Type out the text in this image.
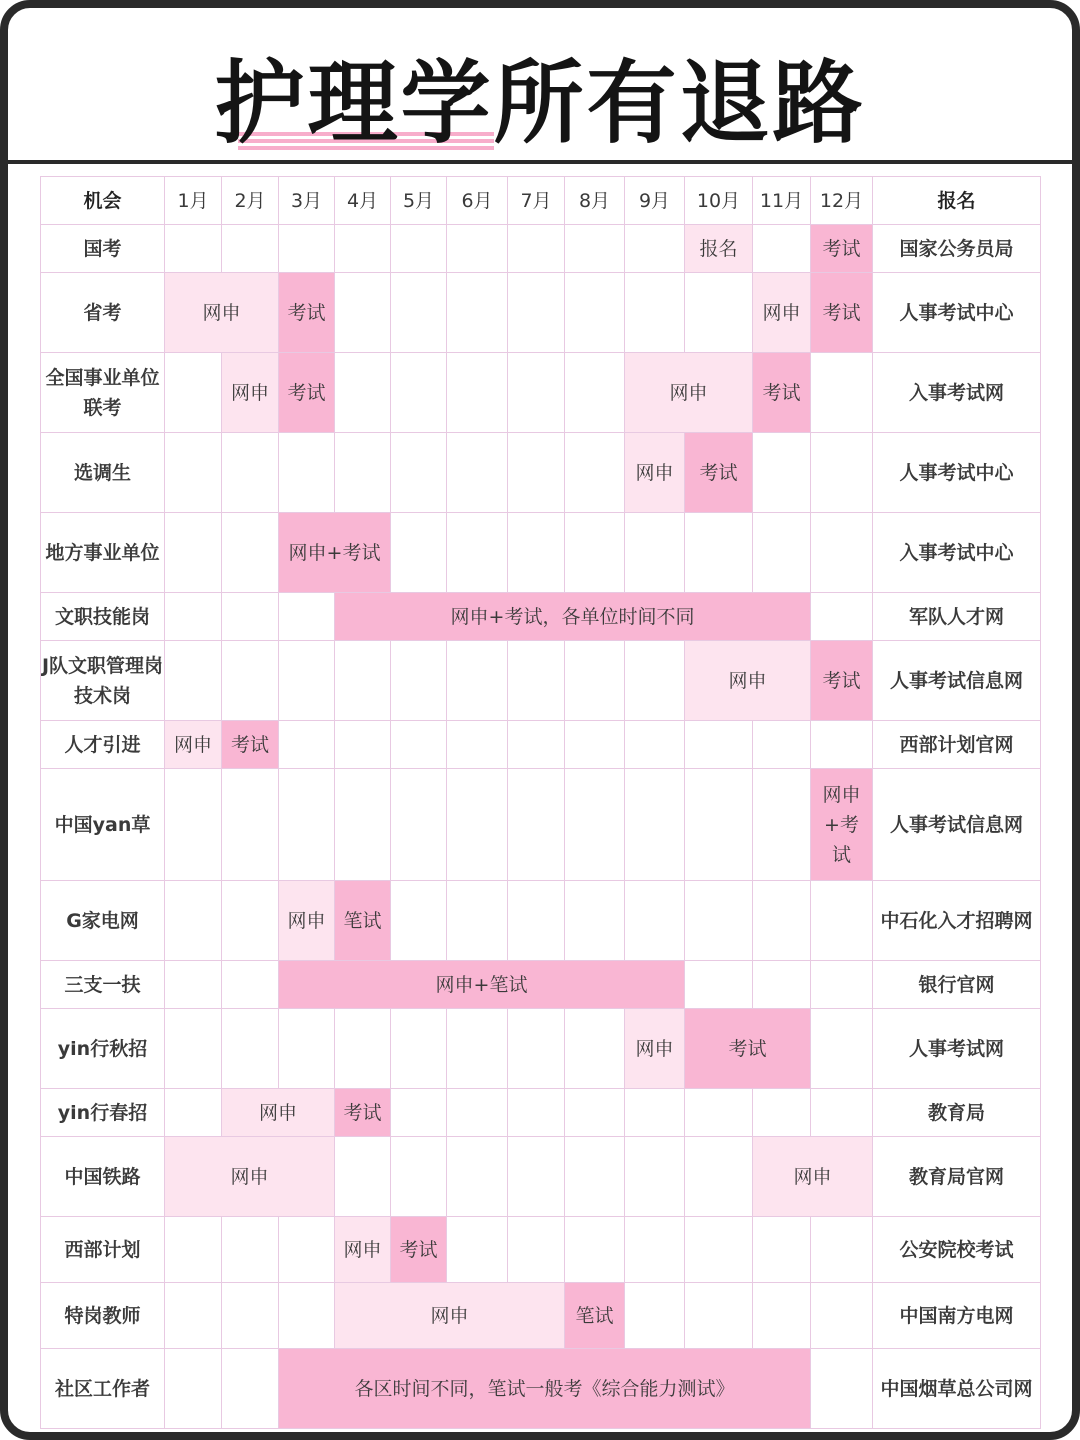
护理学所有退路
机会	1月	2月	3月	4月	5月	6月	7月	8月	9月	10月	11月	12月	报名
国考										报名		考试	国家公务员局
省考	网申		考试								网申	考试	人事考试中心
全国事业单位联考		网申	考试						网申		考试		入事考试网
选调生									网申	考试			人事考试中心
地方事业单位			网申+考试										入事考试中心
文职技能岗				网申+考试，各单位时间不同									军队人才网
J队文职管理岗技术岗										网申		考试	人事考试信息网
人才引进	网申	考试											西部计划官网
中国yan草												网申+考试	人事考试信息网
G家电网			网申	笔试									中石化入才招聘网
三支一扶			网申+笔试										银行官网
yin行秋招									网申	考试			人事考试网
yin行春招		网申		考试									教育局
中国铁路	网申										网申		教育局官网
西部计划				网申	考试								公安院校考试
特岗教师				网申				笔试					中国南方电网
社区工作者			各区时间不同，笔试一般考《综合能力测试》										中国烟草总公司网
